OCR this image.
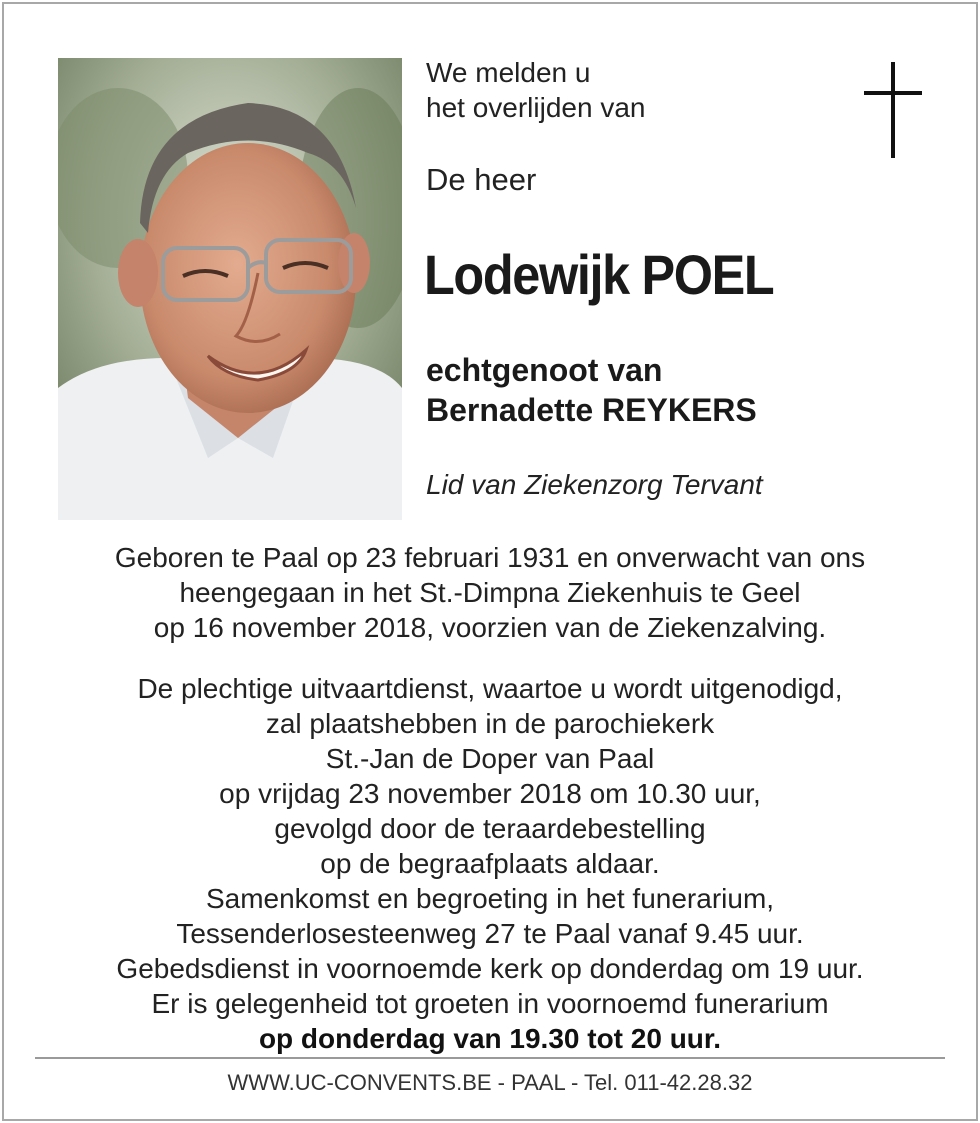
We melden u
het overlijden van
De heer
Lodewijk POEL
echtgenoot van
Bernadette REYKERS
Lid van Ziekenzorg Tervant
Geboren te Paal op 23 februari 1931 en onverwacht van ons
heengegaan in het St.-Dimpna Ziekenhuis te Geel
op 16 november 2018, voorzien van de Ziekenzalving.
De plechtige uitvaartdienst, waartoe u wordt uitgenodigd,
zal plaatshebben in de parochiekerk
St.-Jan de Doper van Paal
op vrijdag 23 november 2018 om 10.30 uur,
gevolgd door de teraardebestelling
op de begraafplaats aldaar.
Samenkomst en begroeting in het funerarium,
Tessenderlosesteenweg 27 te Paal vanaf 9.45 uur.
Gebedsdienst in voornoemde kerk op donderdag om 19 uur.
Er is gelegenheid tot groeten in voornoemd funerarium
op donderdag van 19.30 tot 20 uur.
WWW.UC-CONVENTS.BE - PAAL - Tel. 011-42.28.32
